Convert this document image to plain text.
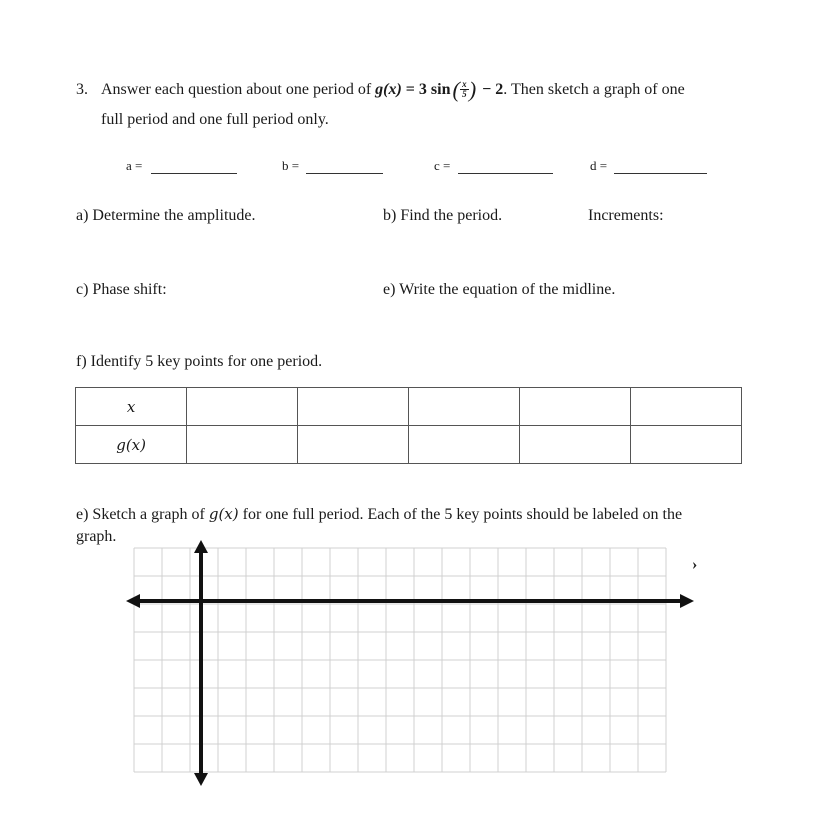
3. Answer each question about one period of g(x) = 3 $\sin( \frac{x}{5}$ ) − 2. Then sketch a graph of one
full period and one full period only.
a =	b =	c =	d =
a) Determine the amplitude.	b) Find the period.	Increments:
c) Phase shift:	e) Write the equation of the midline.
f) Identify 5 key points for one period.
x					
g(x)					
e) Sketch a graph of g(x) for one full period. Each of the 5 key points should be labeled on the
graph.
›
